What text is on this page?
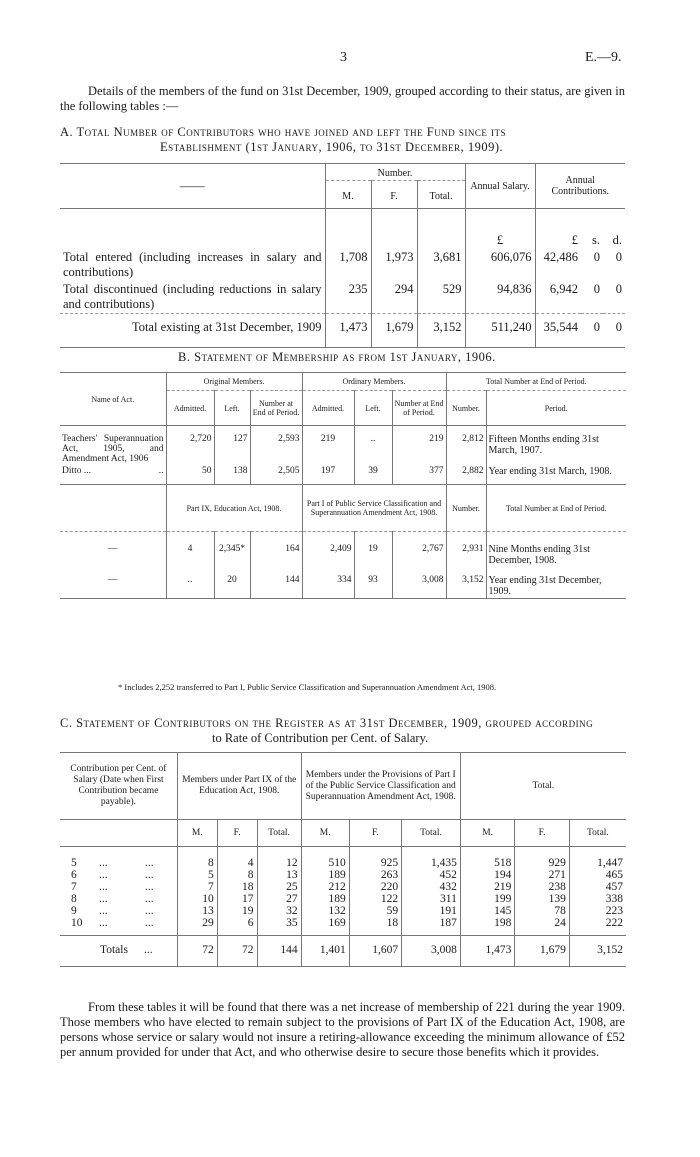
3	E.—9.

Details of the members of the fund on 31st December, 1909, grouped according to their status, are given in the following tables :—

A. Total Number of Contributors who have joined and left the Fund since its
Establishment (1st January, 1906, to 31st December, 1909).
——	Number.			Annual Salary.	Annual Contributions.		
	M.	F.	Total.				
				£	£	s.	d.
Total entered (including increases in salary and contributions)	1,708	1,973	3,681	606,076	42,486	0	0
Total discontinued (including reductions in salary and contributions)	235	294	529	94,836	6,942	0	0
Total existing at 31st December, 1909	1,473	1,679	3,152	511,240	35,544	0	0
B. Statement of Membership as from 1st January, 1906.
Name of Act.	Original Members.			Ordinary Members.			Total Number at End of Period.	
	Admitted.	Left.	Number at End of Period.	Admitted.	Left.	Number at End of Period.	Number.	Period.
Teachers' Superannuation Act, 1905, and Amendment Act, 1906	2,720	127	2,593	219	..	219	2,812	Fifteen Months ending 31st March, 1907.
Ditto ... ..	50	138	2,505	197	39	377	2,882	Year ending 31st March, 1908.
	Part IX, Education Act, 1908.			Part I of Public Service Classification and Superannuation Amendment Act, 1908.			Number.	Total Number at End of Period.
—	4	2,345*	164	2,409	19	2,767	2,931	Nine Months ending 31st December, 1908.
—	..	20	144	334	93	3,008	3,152	Year ending 31st December, 1909.
* Includes 2,252 transferred to Part I, Public Service Classification and Superannuation Amendment Act, 1908.
C. Statement of Contributors on the Register as at 31st December, 1909, grouped according
to Rate of Contribution per Cent. of Salary.
Contribution per Cent. of Salary (Date when First Contribution became payable).	Members under Part IX of the Education Act, 1908.			Members under the Provisions of Part I of the Public Service Classification and Superannuation Amendment Act, 1908.			Total.		
	M.	F.	Total.	M.	F.	Total.	M.	F.	Total.

5 ... ...	8	4	12	510	925	1,435	518	929	1,447
6 ... ...	5	8	13	189	263	452	194	271	465
7 ... ...	7	18	25	212	220	432	219	238	457
8 ... ...	10	17	27	189	122	311	199	139	338
9 ... ...	13	19	32	132	59	191	145	78	223
10 ... ...	29	6	35	169	18	187	198	24	222
Totals ...	72	72	144	1,401	1,607	3,008	1,473	1,679	3,152

From these tables it will be found that there was a net increase of membership of 221 during the year 1909. Those members who have elected to remain subject to the provisions of Part IX of the Education Act, 1908, are persons whose service or salary would not insure a retiring-allowance exceeding the minimum allowance of £52 per annum provided for under that Act, and who otherwise desire to secure those benefits which it provides.
